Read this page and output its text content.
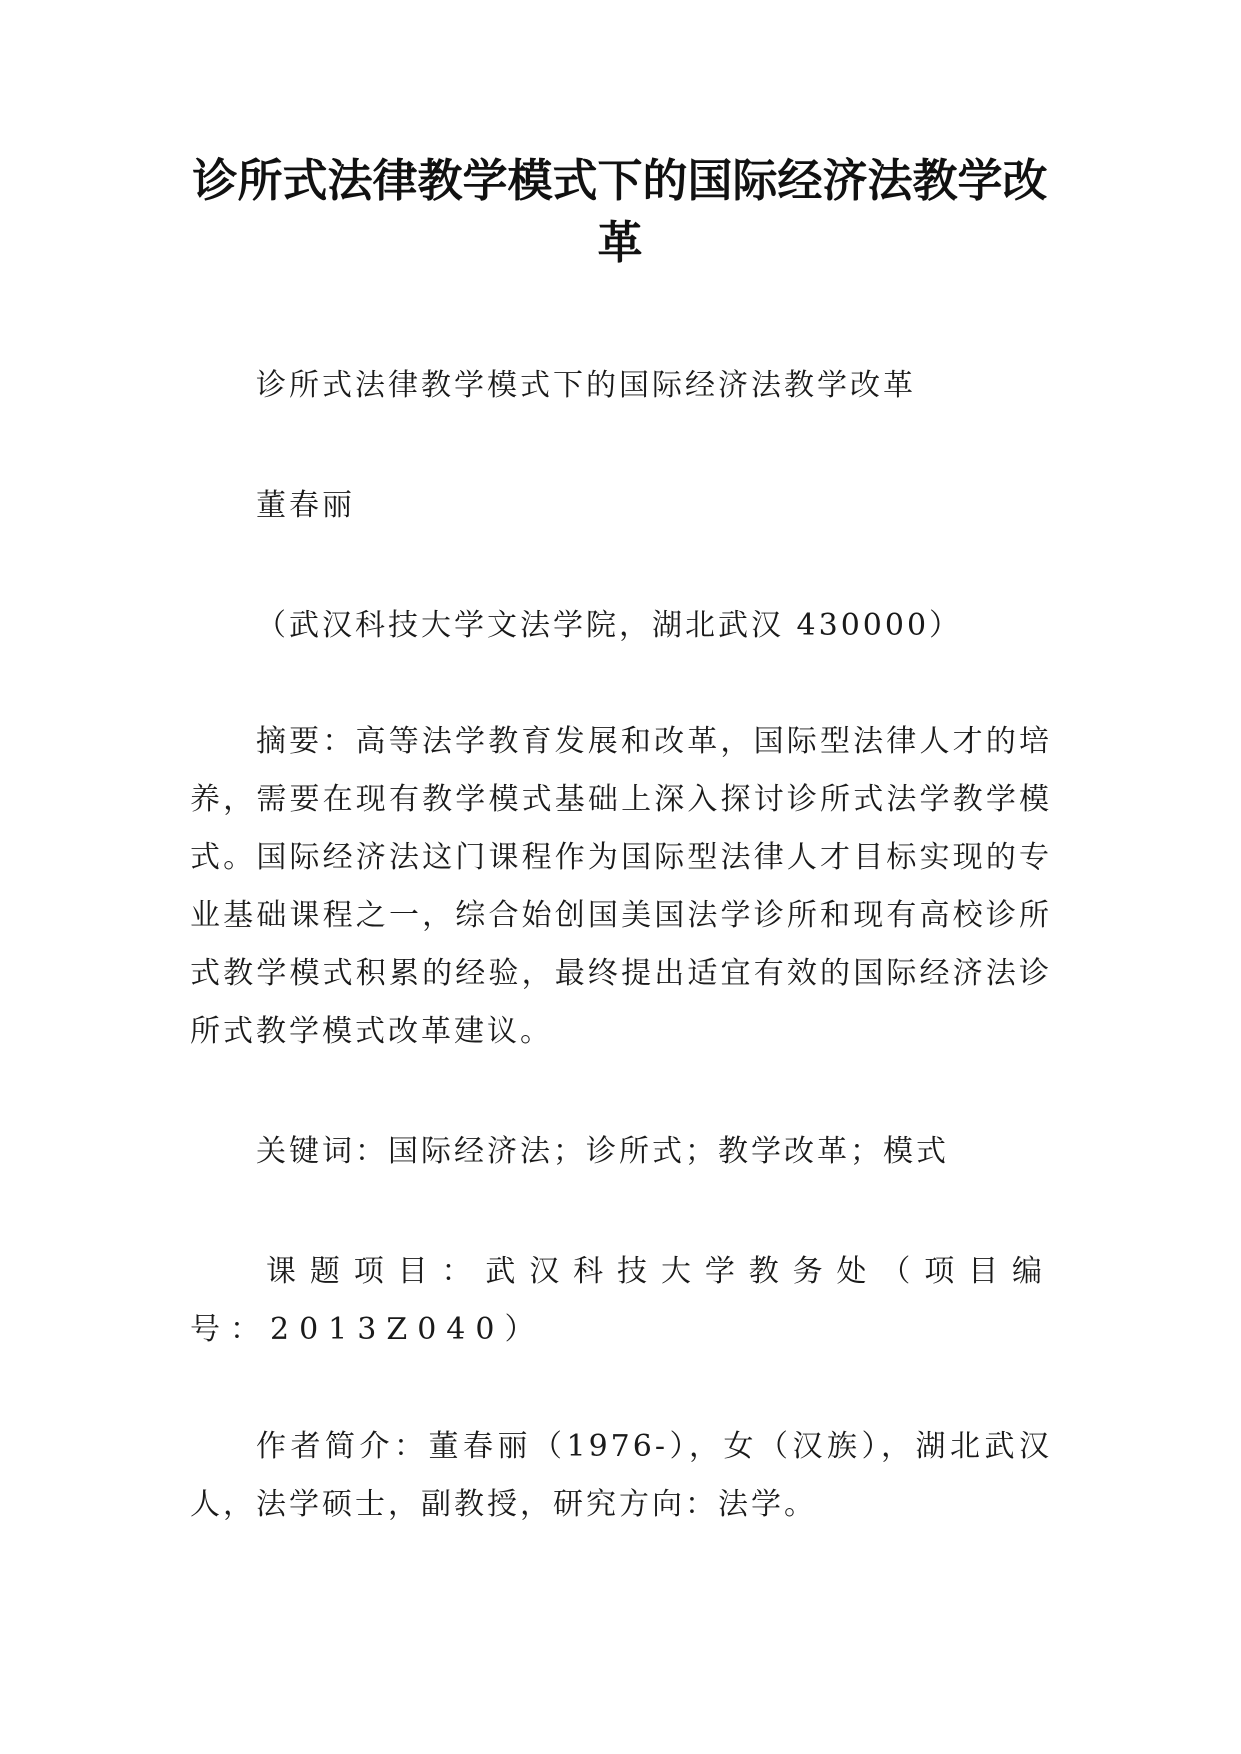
诊所式法律教学模式下的国际经济法教学改革

诊所式法律教学模式下的国际经济法教学改革

董春丽

（武汉科技大学文法学院，湖北武汉 430000）

摘要：高等法学教育发展和改革，国际型法律人才的培养，需要在现有教学模式基础上深入探讨诊所式法学教学模式。国际经济法这门课程作为国际型法律人才目标实现的专业基础课程之一，综合始创国美国法学诊所和现有高校诊所式教学模式积累的经验，最终提出适宜有效的国际经济法诊所式教学模式改革建议。

关键词：国际经济法；诊所式；教学改革；模式

课题项目：武汉科技大学教务处（项目编号：2013Z040）

作者简介：董春丽（1976-），女（汉族），湖北武汉人，法学硕士，副教授，研究方向：法学。
